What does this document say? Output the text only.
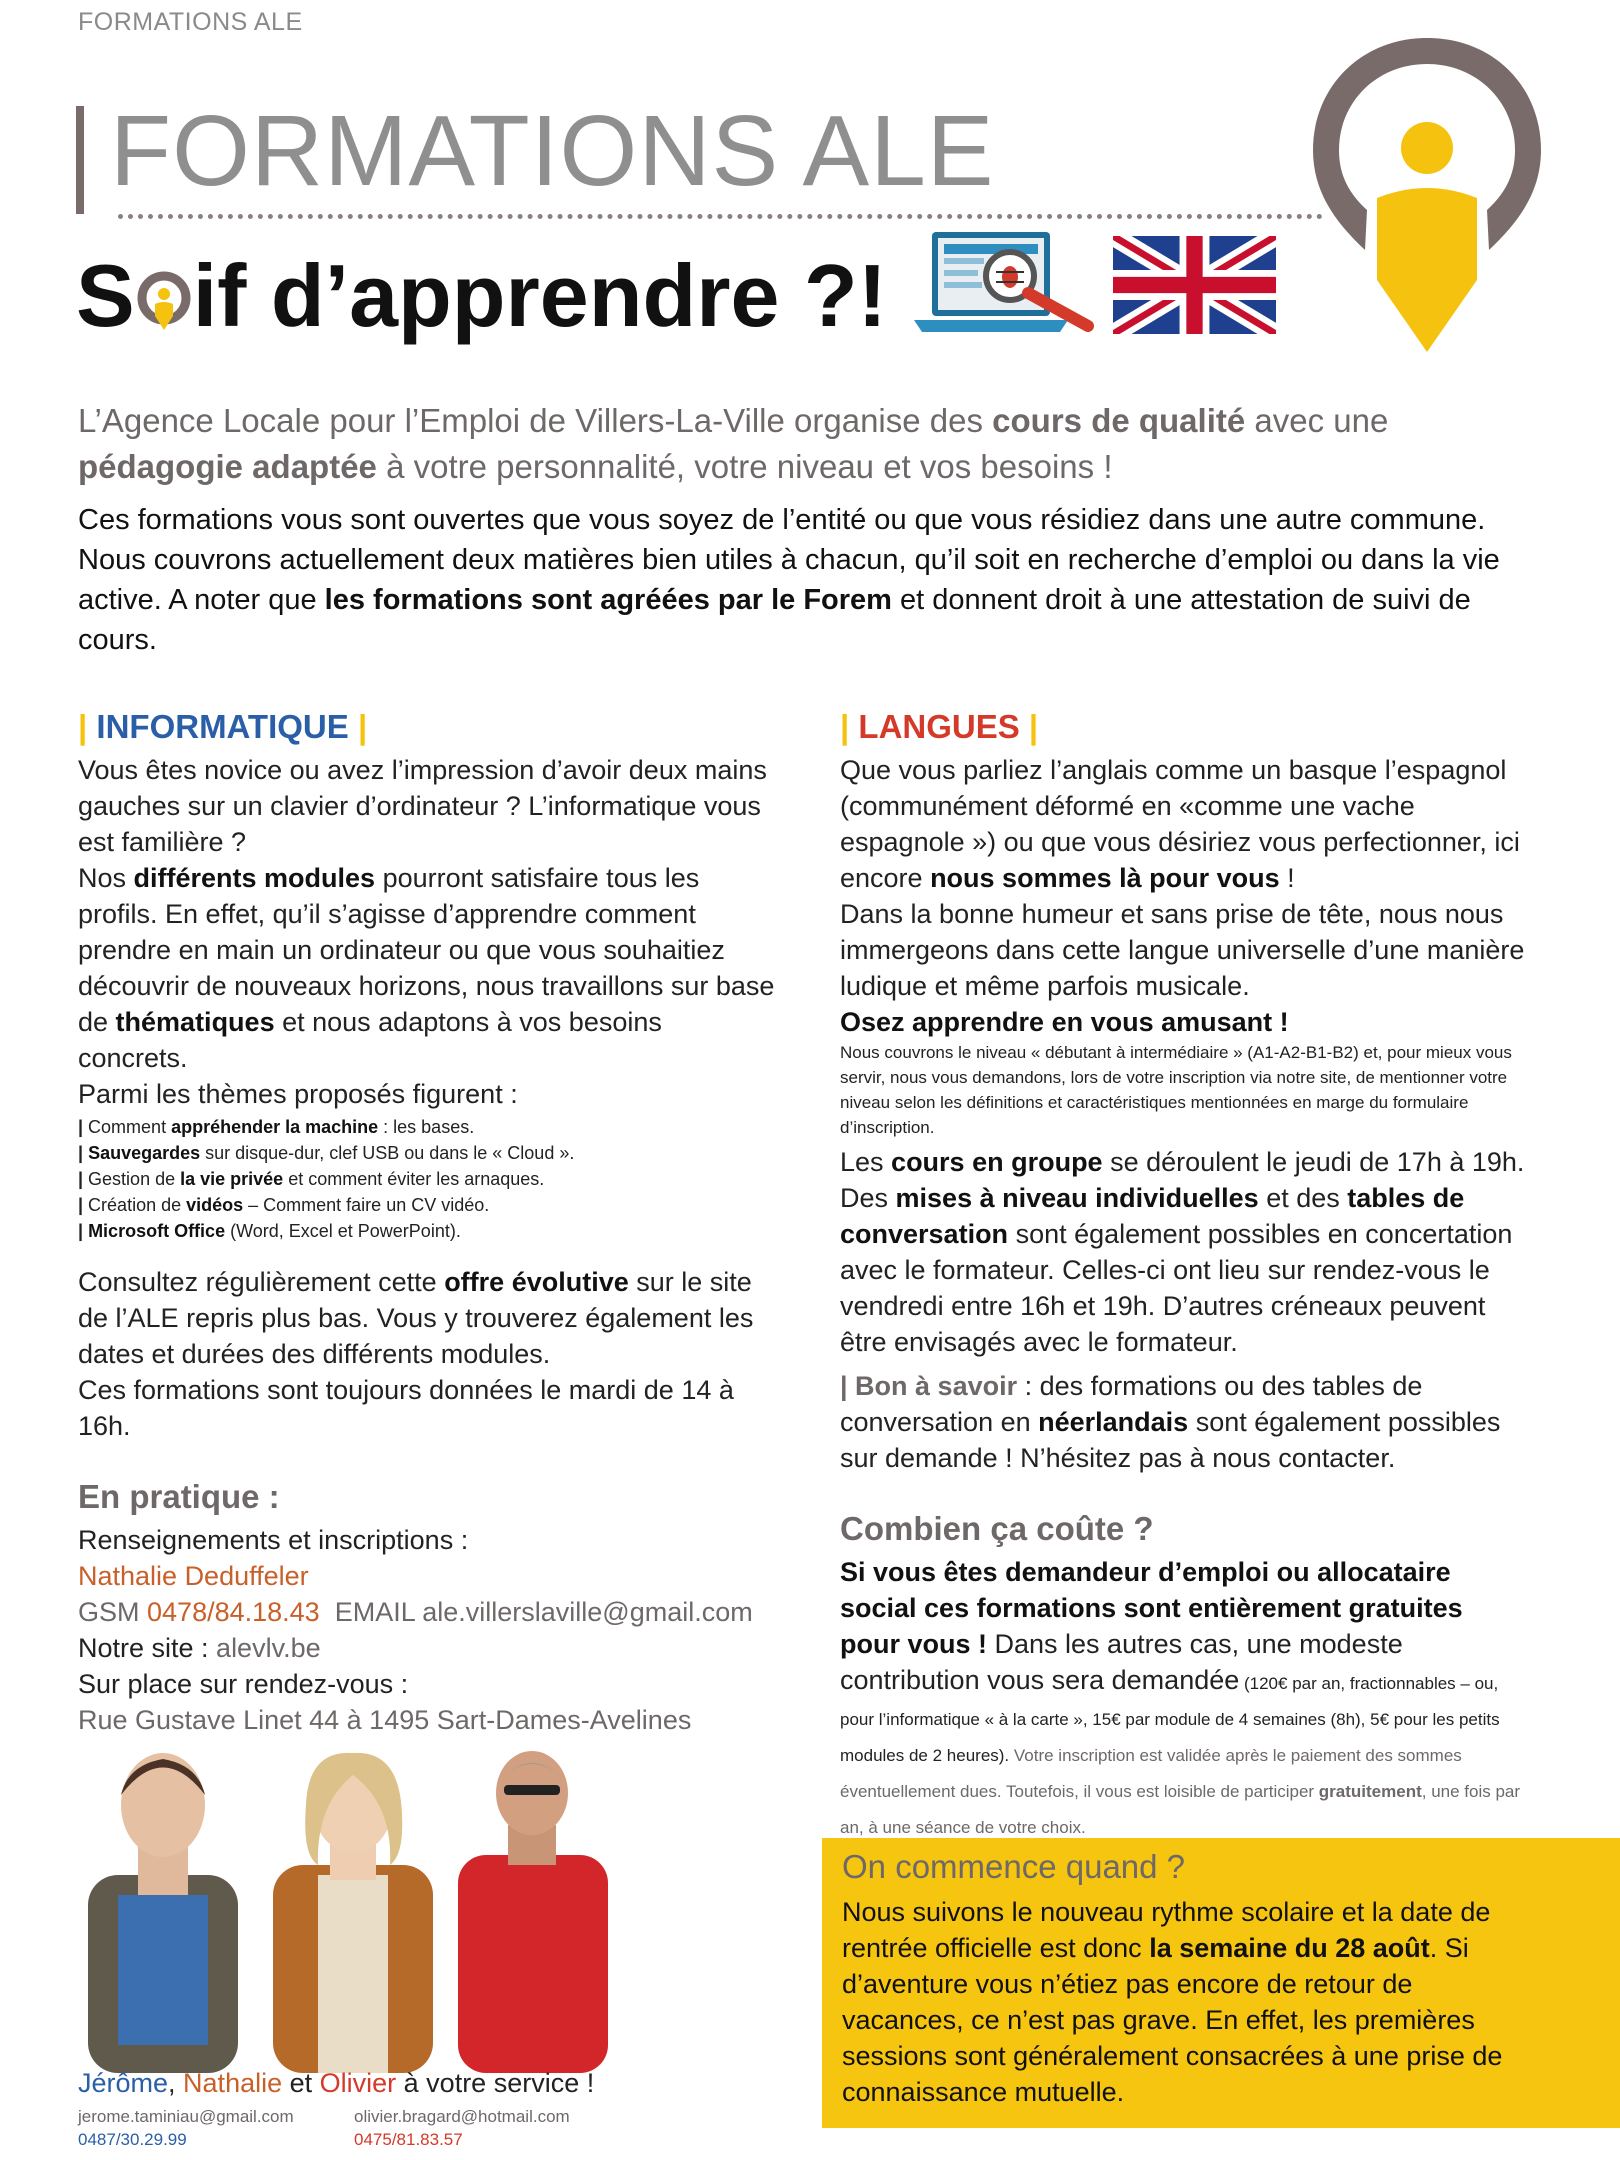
FORMATIONS ALE
FORMATIONS ALE
S if d’apprendre ?!
L’Agence Locale pour l’Emploi de Villers-La-Ville organise des cours de qualité avec une
pédagogie adaptée à votre personnalité, votre niveau et vos besoins !
Ces formations vous sont ouvertes que vous soyez de l’entité ou que vous résidiez dans une autre commune.
Nous couvrons actuellement deux matières bien utiles à chacun, qu’il soit en recherche d’emploi ou dans la vie active. A noter que les formations sont agréées par le Forem et donnent droit à une attestation de suivi de cours.
| INFORMATIQUE |
Vous êtes novice ou avez l’impression d’avoir deux mains gauches sur un clavier d’ordinateur ? L’informatique vous est familière ?
Nos différents modules pourront satisfaire tous les profils. En effet, qu’il s’agisse d’apprendre comment prendre en main un ordinateur ou que vous souhaitiez découvrir de nouveaux horizons, nous travaillons sur base de thématiques et nous adaptons à vos besoins concrets.
Parmi les thèmes proposés figurent :
| Comment appréhender la machine : les bases.
| Sauvegardes sur disque-dur, clef USB ou dans le « Cloud ».
| Gestion de la vie privée et comment éviter les arnaques.
| Création de vidéos – Comment faire un CV vidéo.
| Microsoft Office (Word, Excel et PowerPoint).
Consultez régulièrement cette offre évolutive sur le site de l’ALE repris plus bas. Vous y trouverez également les dates et durées des différents modules.
Ces formations sont toujours données le mardi de 14 à 16h.
En pratique :
Renseignements et inscriptions :
Nathalie Deduffeler
GSM 0478/84.18.43  EMAIL ale.villerslaville@gmail.com
Notre site : alevlv.be
Sur place sur rendez-vous :
Rue Gustave Linet 44 à 1495 Sart-Dames-Avelines
Jérôme, Nathalie et Olivier à votre service !
jerome.taminiau@gmail.com
0487/30.29.99
olivier.bragard@hotmail.com
0475/81.83.57
| LANGUES |
Que vous parliez l’anglais comme un basque l’espagnol (communément déformé en «comme une vache espagnole ») ou que vous désiriez vous perfectionner, ici encore nous sommes là pour vous !
Dans la bonne humeur et sans prise de tête, nous nous immergeons dans cette langue universelle d’une manière ludique et même parfois musicale.
Osez apprendre en vous amusant !
Nous couvrons le niveau « débutant à intermédiaire » (A1-A2-B1-B2) et, pour mieux vous servir, nous vous demandons, lors de votre inscription via notre site, de mentionner votre niveau selon les définitions et caractéristiques mentionnées en marge du formulaire d’inscription.
Les cours en groupe se déroulent le jeudi de 17h à 19h. Des mises à niveau individuelles et des tables de conversation sont également possibles en concertation avec le formateur. Celles-ci ont lieu sur rendez-vous le vendredi entre 16h et 19h. D’autres créneaux peuvent être envisagés avec le formateur.
| Bon à savoir : des formations ou des tables de conversation en néerlandais sont également possibles sur demande ! N’hésitez pas à nous contacter.
Combien ça coûte ?
Si vous êtes demandeur d’emploi ou allocataire social ces formations sont entièrement gratuites pour vous ! Dans les autres cas, une modeste contribution vous sera demandée (120€ par an, fractionnables – ou, pour l’informatique « à la carte », 15€ par module de 4 semaines (8h), 5€ pour les petits modules de 2 heures). Votre inscription est validée après le paiement des sommes éventuellement dues. Toutefois, il vous est loisible de participer gratuitement, une fois par an, à une séance de votre choix.
On commence quand ?
Nous suivons le nouveau rythme scolaire et la date de rentrée officielle est donc la semaine du 28 août. Si d’aventure vous n’étiez pas encore de retour de vacances, ce n’est pas grave. En effet, les premières sessions sont généralement consacrées à une prise de connaissance mutuelle.
